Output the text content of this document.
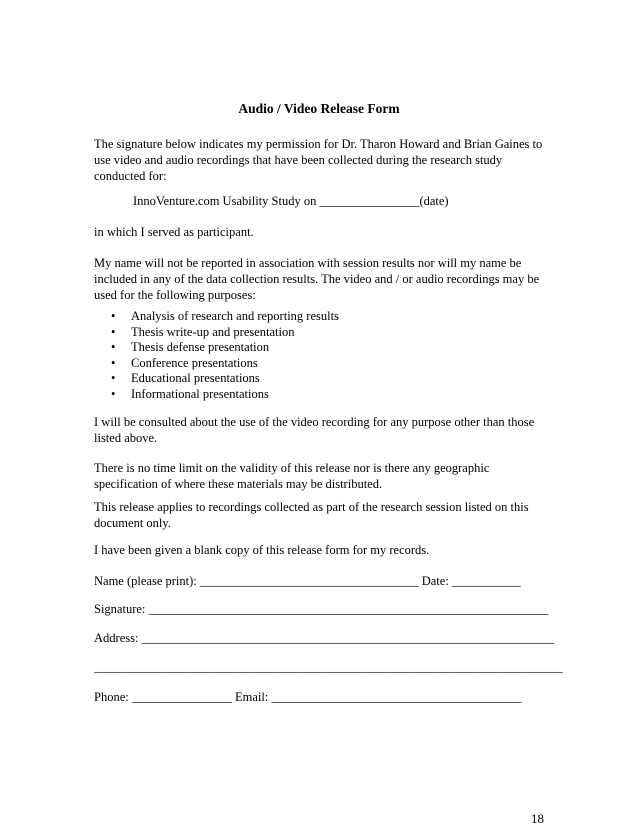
Audio / Video Release Form
The signature below indicates my permission for Dr. Tharon Howard and Brian Gaines to
use video and audio recordings that have been collected during the research study
conducted for:
InnoVenture.com Usability Study on ________________(date)
in which I served as participant.
My name will not be reported in association with session results nor will my name be
included in any of the data collection results. The video and / or audio recordings may be
used for the following purposes:
• Analysis of research and reporting results
• Thesis write-up and presentation
• Thesis defense presentation
• Conference presentations
• Educational presentations
• Informational presentations
I will be consulted about the use of the video recording for any purpose other than those
listed above.
There is no time limit on the validity of this release nor is there any geographic
specification of where these materials may be distributed.
This release applies to recordings collected as part of the research session listed on this
document only.
I have been given a blank copy of this release form for my records.
Name (please print): ___________________________________ Date: ___________
Signature: ________________________________________________________________
Address: __________________________________________________________________
___________________________________________________________________________
Phone: ________________ Email: ________________________________________
18
